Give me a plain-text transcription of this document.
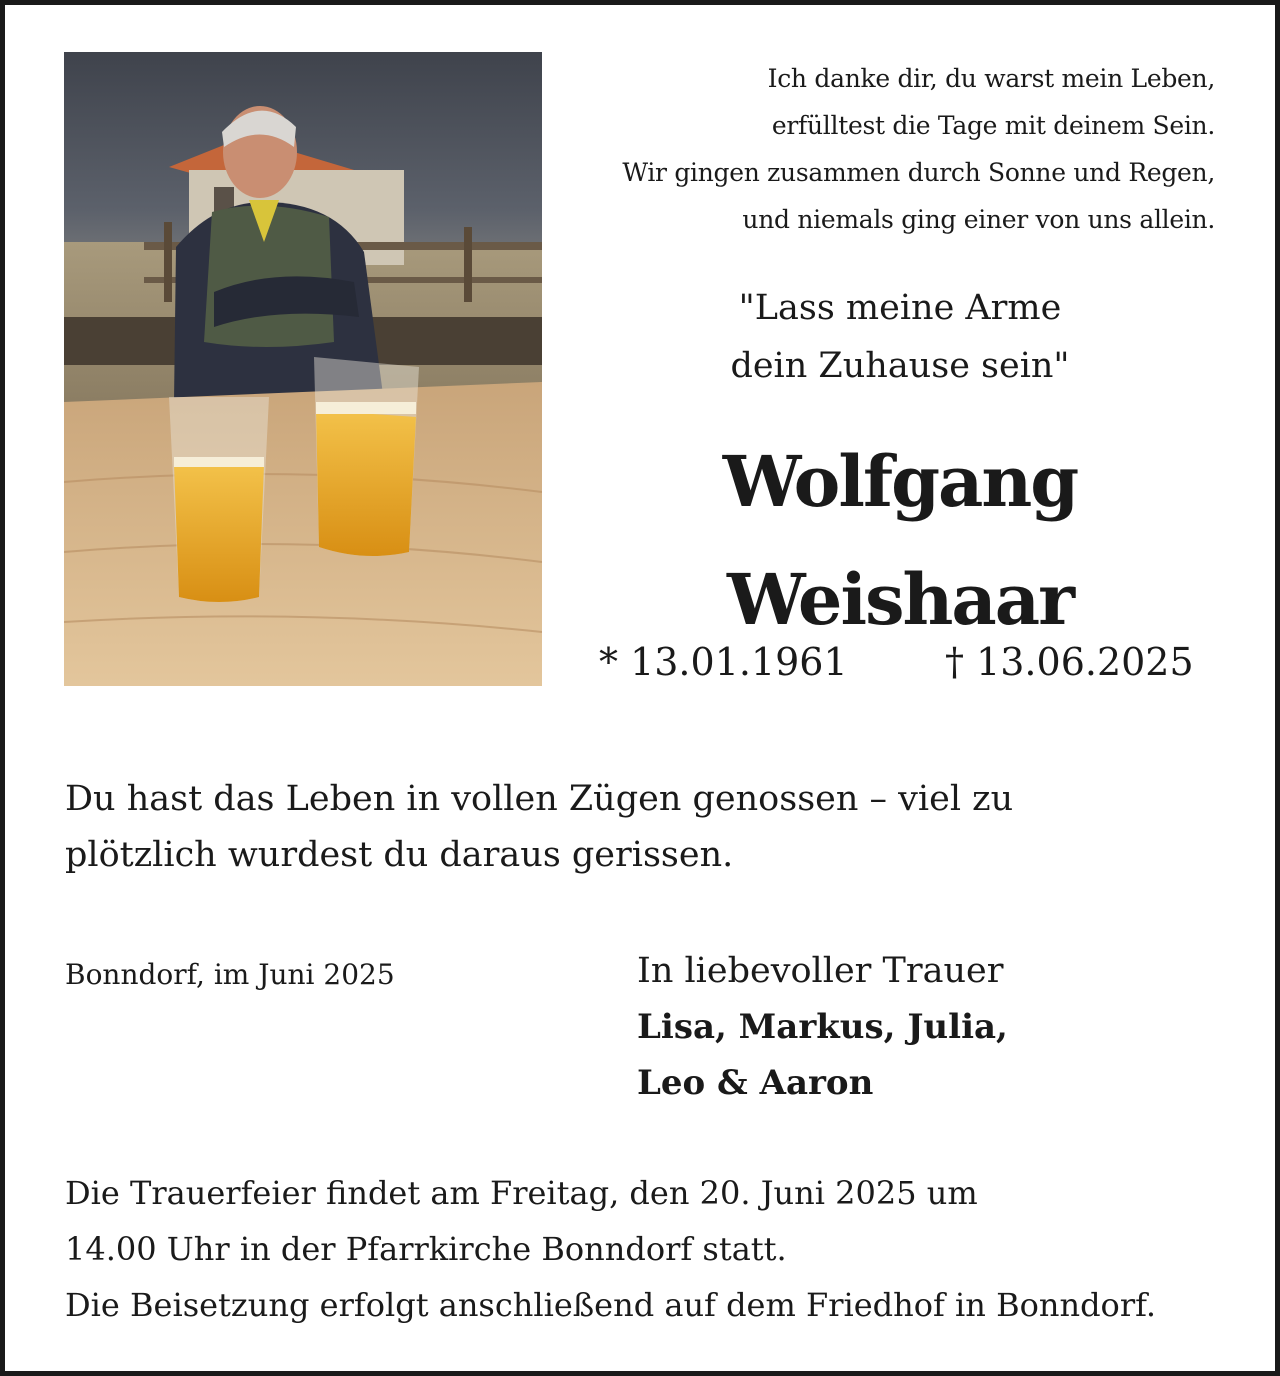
Ich danke dir, du warst mein Leben,
erfülltest die Tage mit deinem Sein.
Wir gingen zusammen durch Sonne und Regen,
und niemals ging einer von uns allein.
"Lass meine Arme
dein Zuhause sein"
Wolfgang
Weishaar
* 13.01.1961	† 13.06.2025
Du hast das Leben in vollen Zügen genossen – viel zu
plötzlich wurdest du daraus gerissen.
Bonndorf, im Juni 2025	In liebevoller Trauer
Lisa, Markus, Julia,
Leo & Aaron
Die Trauerfeier findet am Freitag, den 20. Juni 2025 um
14.00 Uhr in der Pfarrkirche Bonndorf statt.
Die Beisetzung erfolgt anschließend auf dem Friedhof in Bonndorf.
